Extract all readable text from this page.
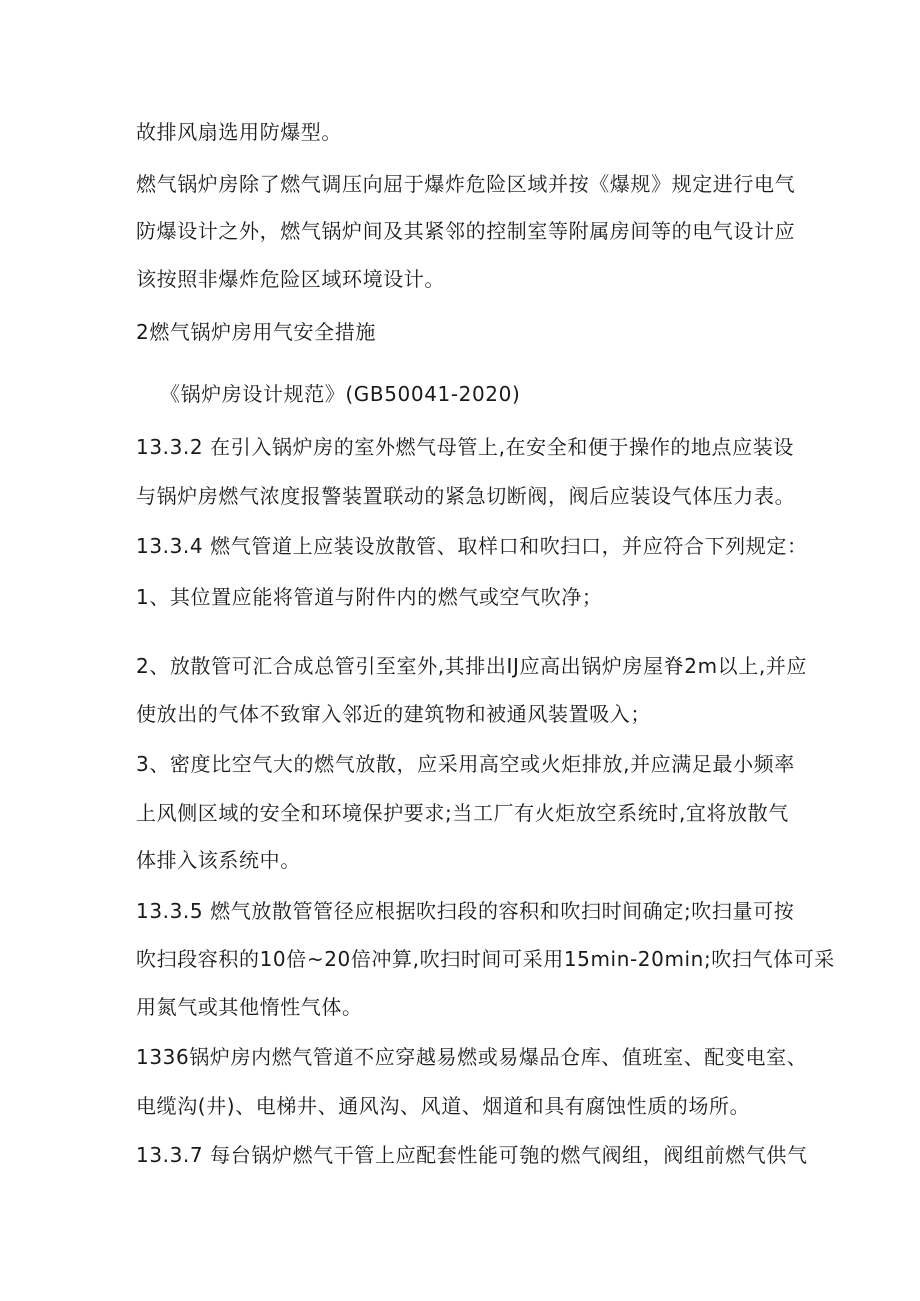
故排风扇选用防爆型。
燃气锅炉房除了燃气调压向屈于爆炸危险区域并按《爆规》规定进行电气
防爆设计之外，燃气锅炉间及其紧邻的控制室等附属房间等的电气设计应
该按照非爆炸危险区域环境设计。
2燃气锅炉房用气安全措施
《锅炉房设计规范》(GB50041-2020)
13.3.2 在引入锅炉房的室外燃气母管上,在安全和便于操作的地点应装设
与锅炉房燃气浓度报警装置联动的紧急切断阀，阀后应装设气体压力表。
13.3.4 燃气管道上应装设放散管、取样口和吹扫口，并应符合下列规定：
1、其位置应能将管道与附件内的燃气或空气吹净；
2、放散管可汇合成总管引至室外,其排出IJ应高出锅炉房屋脊2m以上,并应
使放出的气体不致窜入邻近的建筑物和被通风装置吸入；
3、密度比空气大的燃气放散，应采用高空或火炬排放,并应满足最小频率
上风侧区域的安全和环境保护要求;当工厂有火炬放空系统时,宜将放散气
体排入该系统中。
13.3.5 燃气放散管管径应根据吹扫段的容积和吹扫时间确定;吹扫量可按
吹扫段容积的10倍~20倍冲算,吹扫时间可采用15min-20min;吹扫气体可采
用氮气或其他惰性气体。
1336锅炉房内燃气管道不应穿越易燃或易爆品仓库、值班室、配变电室、
电缆沟(井)、电梯井、通风沟、风道、烟道和具有腐蚀性质的场所。
13.3.7 每台锅炉燃气干管上应配套性能可匏的燃气阀组，阀组前燃气供气
